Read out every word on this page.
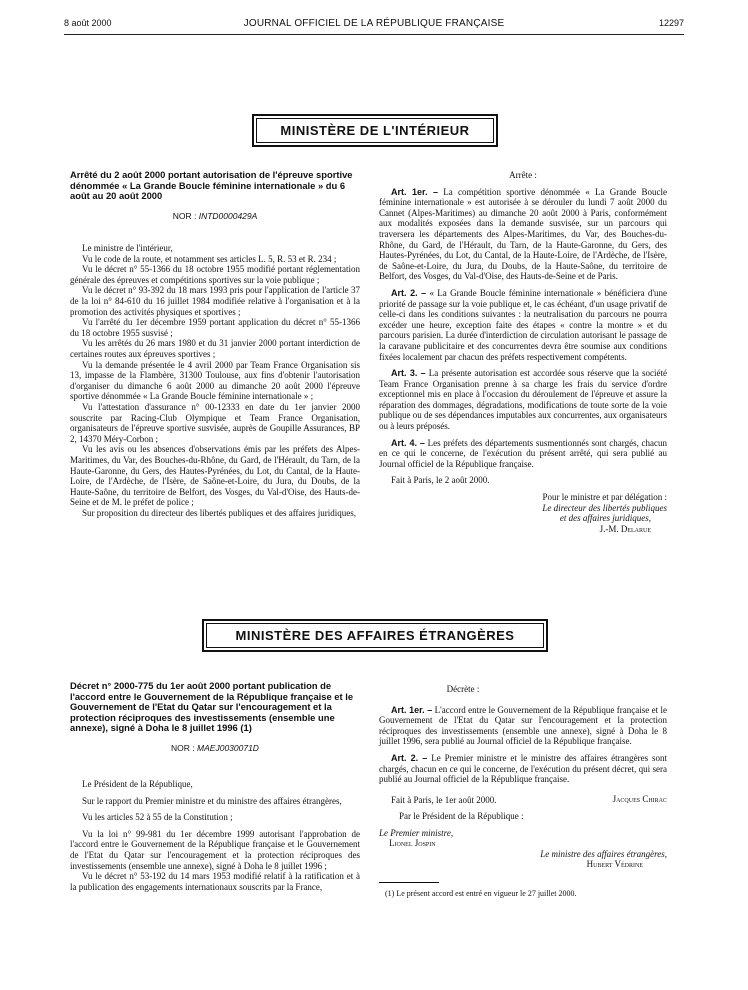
8 août 2000	JOURNAL OFFICIEL DE LA RÉPUBLIQUE FRANÇAISE	12297
MINISTÈRE DE L'INTÉRIEUR
Arrêté du 2 août 2000 portant autorisation de l'épreuve sportive dénommée « La Grande Boucle féminine internationale » du 6 août au 20 août 2000
NOR : INTD0000429A

Le ministre de l'intérieur,

Vu le code de la route, et notamment ses articles L. 5, R. 53 et R. 234 ;

Vu le décret n° 55-1366 du 18 octobre 1955 modifié portant réglementation générale des épreuves et compétitions sportives sur la voie publique ;

Vu le décret n° 93-392 du 18 mars 1993 pris pour l'application de l'article 37 de la loi n° 84-610 du 16 juillet 1984 modifiée relative à l'organisation et à la promotion des activités physiques et sportives ;

Vu l'arrêté du 1er décembre 1959 portant application du décret n° 55-1366 du 18 octobre 1955 susvisé ;

Vu les arrêtés du 26 mars 1980 et du 31 janvier 2000 portant interdiction de certaines routes aux épreuves sportives ;

Vu la demande présentée le 4 avril 2000 par Team France Organisation sis 13, impasse de la Flambère, 31300 Toulouse, aux fins d'obtenir l'autorisation d'organiser du dimanche 6 août 2000 au dimanche 20 août 2000 l'épreuve sportive dénommée « La Grande Boucle féminine internationale » ;

Vu l'attestation d'assurance n° 00-12333 en date du 1er janvier 2000 souscrite par Racing-Club Olympique et Team France Organisation, organisateurs de l'épreuve sportive susvisée, auprès de Goupille Assurances, BP 2, 14370 Méry-Corbon ;

Vu les avis ou les absences d'observations émis par les préfets des Alpes-Maritimes, du Var, des Bouches-du-Rhône, du Gard, de l'Hérault, du Tarn, de la Haute-Garonne, du Gers, des Hautes-Pyrénées, du Lot, du Cantal, de la Haute-Loire, de l'Ardèche, de l'Isère, de Saône-et-Loire, du Jura, du Doubs, de la Haute-Saône, du territoire de Belfort, des Vosges, du Val-d'Oise, des Hauts-de-Seine et de M. le préfet de police ;

Sur proposition du directeur des libertés publiques et des affaires juridiques,

Arrête :

Art. 1er. – La compétition sportive dénommée « La Grande Boucle féminine internationale » est autorisée à se dérouler du lundi 7 août 2000 du Cannet (Alpes-Maritimes) au dimanche 20 août 2000 à Paris, conformément aux modalités exposées dans la demande susvisée, sur un parcours qui traversera les départements des Alpes-Maritimes, du Var, des Bouches-du-Rhône, du Gard, de l'Hérault, du Tarn, de la Haute-Garonne, du Gers, des Hautes-Pyrénées, du Lot, du Cantal, de la Haute-Loire, de l'Ardèche, de l'Isère, de Saône-et-Loire, du Jura, du Doubs, de la Haute-Saône, du territoire de Belfort, des Vosges, du Val-d'Oise, des Hauts-de-Seine et de Paris.

Art. 2. – « La Grande Boucle féminine internationale » bénéficiera d'une priorité de passage sur la voie publique et, le cas échéant, d'un usage privatif de celle-ci dans les conditions suivantes : la neutralisation du parcours ne pourra excéder une heure, exception faite des étapes « contre la montre » et du parcours parisien. La durée d'interdiction de circulation autorisant le passage de la caravane publicitaire et des concurrentes devra être soumise aux conditions fixées localement par chacun des préfets respectivement compétents.

Art. 3. – La présente autorisation est accordée sous réserve que la société Team France Organisation prenne à sa charge les frais du service d'ordre exceptionnel mis en place à l'occasion du déroulement de l'épreuve et assure la réparation des dommages, dégradations, modifications de toute sorte de la voie publique ou de ses dépendances imputables aux concurrentes, aux organisateurs ou à leurs préposés.

Art. 4. – Les préfets des départements susmentionnés sont chargés, chacun en ce qui le concerne, de l'exécution du présent arrêté, qui sera publié au Journal officiel de la République française.

Fait à Paris, le 2 août 2000.

Pour le ministre et par délégation :

Le directeur des libertés publiques

et des affaires juridiques,

J.-M. Delarue

MINISTÈRE DES AFFAIRES ÉTRANGÈRES
Décret n° 2000-775 du 1er août 2000 portant publication de l'accord entre le Gouvernement de la République française et le Gouvernement de l'Etat du Qatar sur l'encouragement et la protection réciproques des investissements (ensemble une annexe), signé à Doha le 8 juillet 1996 (1)
NOR : MAEJ0030071D

Le Président de la République,

Sur le rapport du Premier ministre et du ministre des affaires étrangères,

Vu les articles 52 à 55 de la Constitution ;

Vu la loi n° 99-981 du 1er décembre 1999 autorisant l'approbation de l'accord entre le Gouvernement de la République française et le Gouvernement de l'Etat du Qatar sur l'encouragement et la protection réciproques des investissements (ensemble une annexe), signé à Doha le 8 juillet 1996 ;

Vu le décret n° 53-192 du 14 mars 1953 modifié relatif à la ratification et à la publication des engagements internationaux souscrits par la France,

Décrète :

Art. 1er. – L'accord entre le Gouvernement de la République française et le Gouvernement de l'Etat du Qatar sur l'encouragement et la protection réciproques des investissements (ensemble une annexe), signé à Doha le 8 juillet 1996, sera publié au Journal officiel de la République française.

Art. 2. – Le Premier ministre et le ministre des affaires étrangères sont chargés, chacun en ce qui le concerne, de l'exécution du présent décret, qui sera publié au Journal officiel de la République française.

Fait à Paris, le 1er août 2000.	Jacques Chirac

Par le Président de la République :

Le Premier ministre,

Lionel Jospin

Le ministre des affaires étrangères,

Hubert Védrine

(1) Le présent accord est entré en vigueur le 27 juillet 2000.
